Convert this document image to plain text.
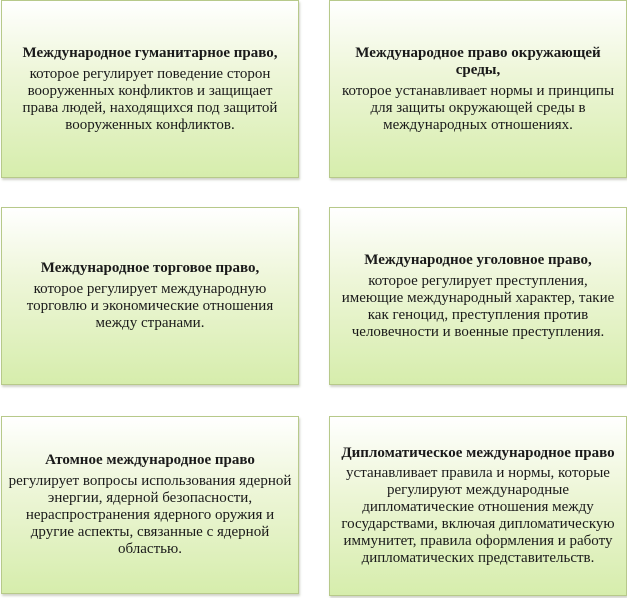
Международное гуманитарное право,

которое регулирует поведение сторон вооруженных конфликтов и защищает права людей, находящихся под защитой вооруженных конфликтов.

Международное право окружающей среды,

которое устанавливает нормы и принципы для защиты окружающей среды в международных отношениях.

Международное торговое право,

которое регулирует международную торговлю и экономические отношения между странами.

Международное уголовное право,

которое регулирует преступления, имеющие международный характер, такие как геноцид, преступления против человечности и военные преступления.

Атомное международное право

регулирует вопросы использования ядерной энергии, ядерной безопасности, нераспространения ядерного оружия и другие аспекты, связанные с ядерной областью.

Дипломатическое международное право

устанавливает правила и нормы, которые регулируют международные дипломатические отношения между государствами, включая дипломатическую иммунитет, правила оформления и работу дипломатических представительств.
